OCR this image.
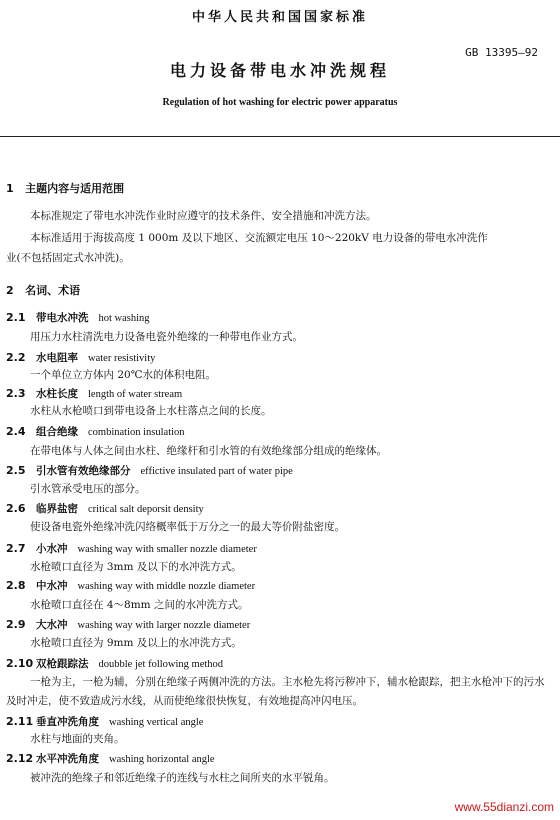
中华人民共和国国家标准
GB 13395—92
电力设备带电水冲洗规程
Regulation of hot washing for electric power apparatus
1 主题内容与适用范围
本标准规定了带电水冲洗作业时应遵守的技术条件、安全措施和冲洗方法。
本标准适用于海拔高度 1 000m 及以下地区、交流额定电压 10～220kV 电力设备的带电水冲洗作
业(不包括固定式水冲洗)。
2 名词、术语
2.1 带电水冲洗 hot washing
用压力水柱清洗电力设备电瓷外绝缘的一种带电作业方式。
2.2 水电阻率 water resistivity
一个单位立方体内 20℃水的体积电阻。
2.3 水柱长度 length of water stream
水柱从水枪喷口到带电设备上水柱落点之间的长度。
2.4 组合绝缘 combination insulation
在带电体与人体之间由水柱、绝缘杆和引水管的有效绝缘部分组成的绝缘体。
2.5 引水管有效绝缘部分 effictive insulated part of water pipe
引水管承受电压的部分。
2.6 临界盐密 critical salt deporsit density
使设备电瓷外绝缘冲洗闪络概率低于万分之一的最大等价附盐密度。
2.7 小水冲 washing way with smaller nozzle diameter
水枪喷口直径为 3mm 及以下的水冲洗方式。
2.8 中水冲 washing way with middle nozzle diameter
水枪喷口直径在 4～8mm 之间的水冲洗方式。
2.9 大水冲 washing way with larger nozzle diameter
水枪喷口直径为 9mm 及以上的水冲洗方式。
2.10 双枪跟踪法 doubble jet following method
一枪为主，一枪为辅，分别在绝缘子两侧冲洗的方法。主水枪先将污秽冲下，辅水枪跟踪，把主水枪冲下的污水及时冲走，使不致造成污水线，从而使绝缘很快恢复，有效地提高冲闪电压。
2.11 垂直冲洗角度 washing vertical angle
水柱与地面的夹角。
2.12 水平冲洗角度 washing horizontal angle
被冲洗的绝缘子和邻近绝缘子的连线与水柱之间所夹的水平锐角。
www.55dianzi.com
